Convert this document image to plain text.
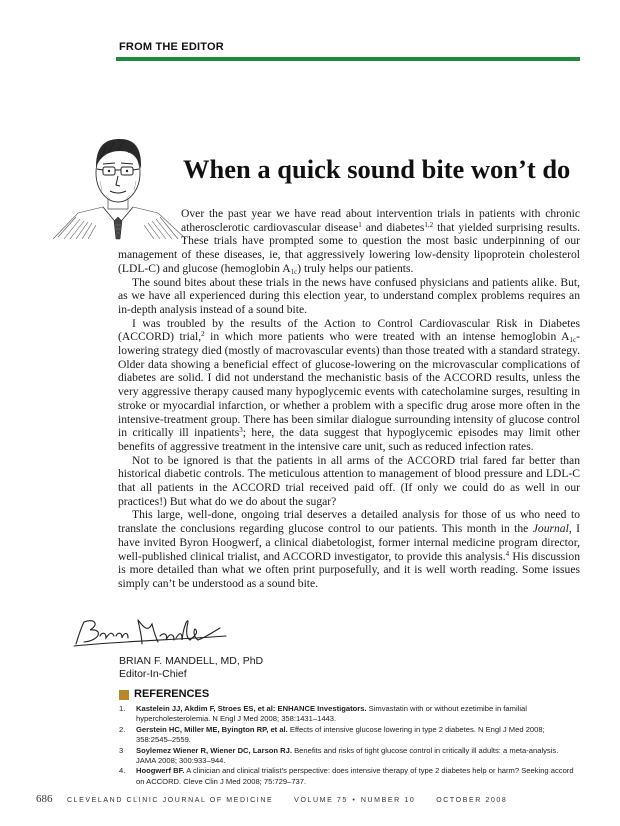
FROM THE EDITOR
When a quick sound bite won’t do

Over the past year we have read about intervention trials in patients with chronic atherosclerotic cardiovascular disease$^1$ and diabetes$^{1,2}$ that yielded surprising results. These trials have prompted some to question the most basic underpinning of our management of these diseases, ie, that aggressively lowering low-density lipoprotein cholesterol (LDL-C) and glucose (hemoglobin $A_{1c}$) truly helps our patients.

The sound bites about these trials in the news have confused physicians and patients alike. But, as we have all experienced during this election year, to understand complex problems requires an in-depth analysis instead of a sound bite.

I was troubled by the results of the Action to Control Cardiovascular Risk in Diabetes (ACCORD) trial,$^2$ in which more patients who were treated with an intense hemoglobin $A_{1c}$-lowering strategy died (mostly of macrovascular events) than those treated with a standard strategy. Older data showing a beneficial effect of glucose-lowering on the microvascular complications of diabetes are solid. I did not understand the mechanistic basis of the ACCORD results, unless the very aggressive therapy caused many hypoglycemic events with catecholamine surges, resulting in stroke or myocardial infarction, or whether a problem with a specific drug arose more often in the intensive-treatment group. There has been similar dialogue surrounding intensity of glucose control in critically ill inpatients$^3$; here, the data suggest that hypoglycemic episodes may limit other benefits of aggressive treatment in the intensive care unit, such as reduced infection rates.

Not to be ignored is that the patients in all arms of the ACCORD trial fared far better than historical diabetic controls. The meticulous attention to management of blood pressure and LDL-C that all patients in the ACCORD trial received paid off. (If only we could do as well in our practices!) But what do we do about the sugar?

This large, well-done, ongoing trial deserves a detailed analysis for those of us who need to translate the conclusions regarding glucose control to our patients. This month in the Journal, I have invited Byron Hoogwerf, a clinical diabetologist, former internal medicine program director, well-published clinical trialist, and ACCORD investigator, to provide this analysis.$^4$ His discussion is more detailed than what we often print purposefully, and it is well worth reading. Some issues simply can’t be understood as a sound bite.

BRIAN F. MANDELL, MD, PhD
Editor-In-Chief
REFERENCES
1. Kastelein JJ, Akdim F, Stroes ES, et al: ENHANCE Investigators. Simvastatin with or without ezetimibe in familial hypercholesterolemia. N Engl J Med 2008; 358:1431–1443.
2. Gerstein HC, Miller ME, Byington RP, et al. Effects of intensive glucose lowering in type 2 diabetes. N Engl J Med 2008; 358:2545–2559.
3 Soylemez Wiener R, Wiener DC, Larson RJ. Benefits and risks of tight glucose control in critically ill adults: a meta-analysis. JAMA 2008; 300:933–944.
4. Hoogwerf BF. A clinician and clinical trialist’s perspective: does intensive therapy of type 2 diabetes help or harm? Seeking accord on ACCORD. Cleve Clin J Med 2008; 75:729–737.
686 CLEVELAND CLINIC JOURNAL OF MEDICINE	VOLUME 75 • NUMBER 10	OCTOBER 2008
